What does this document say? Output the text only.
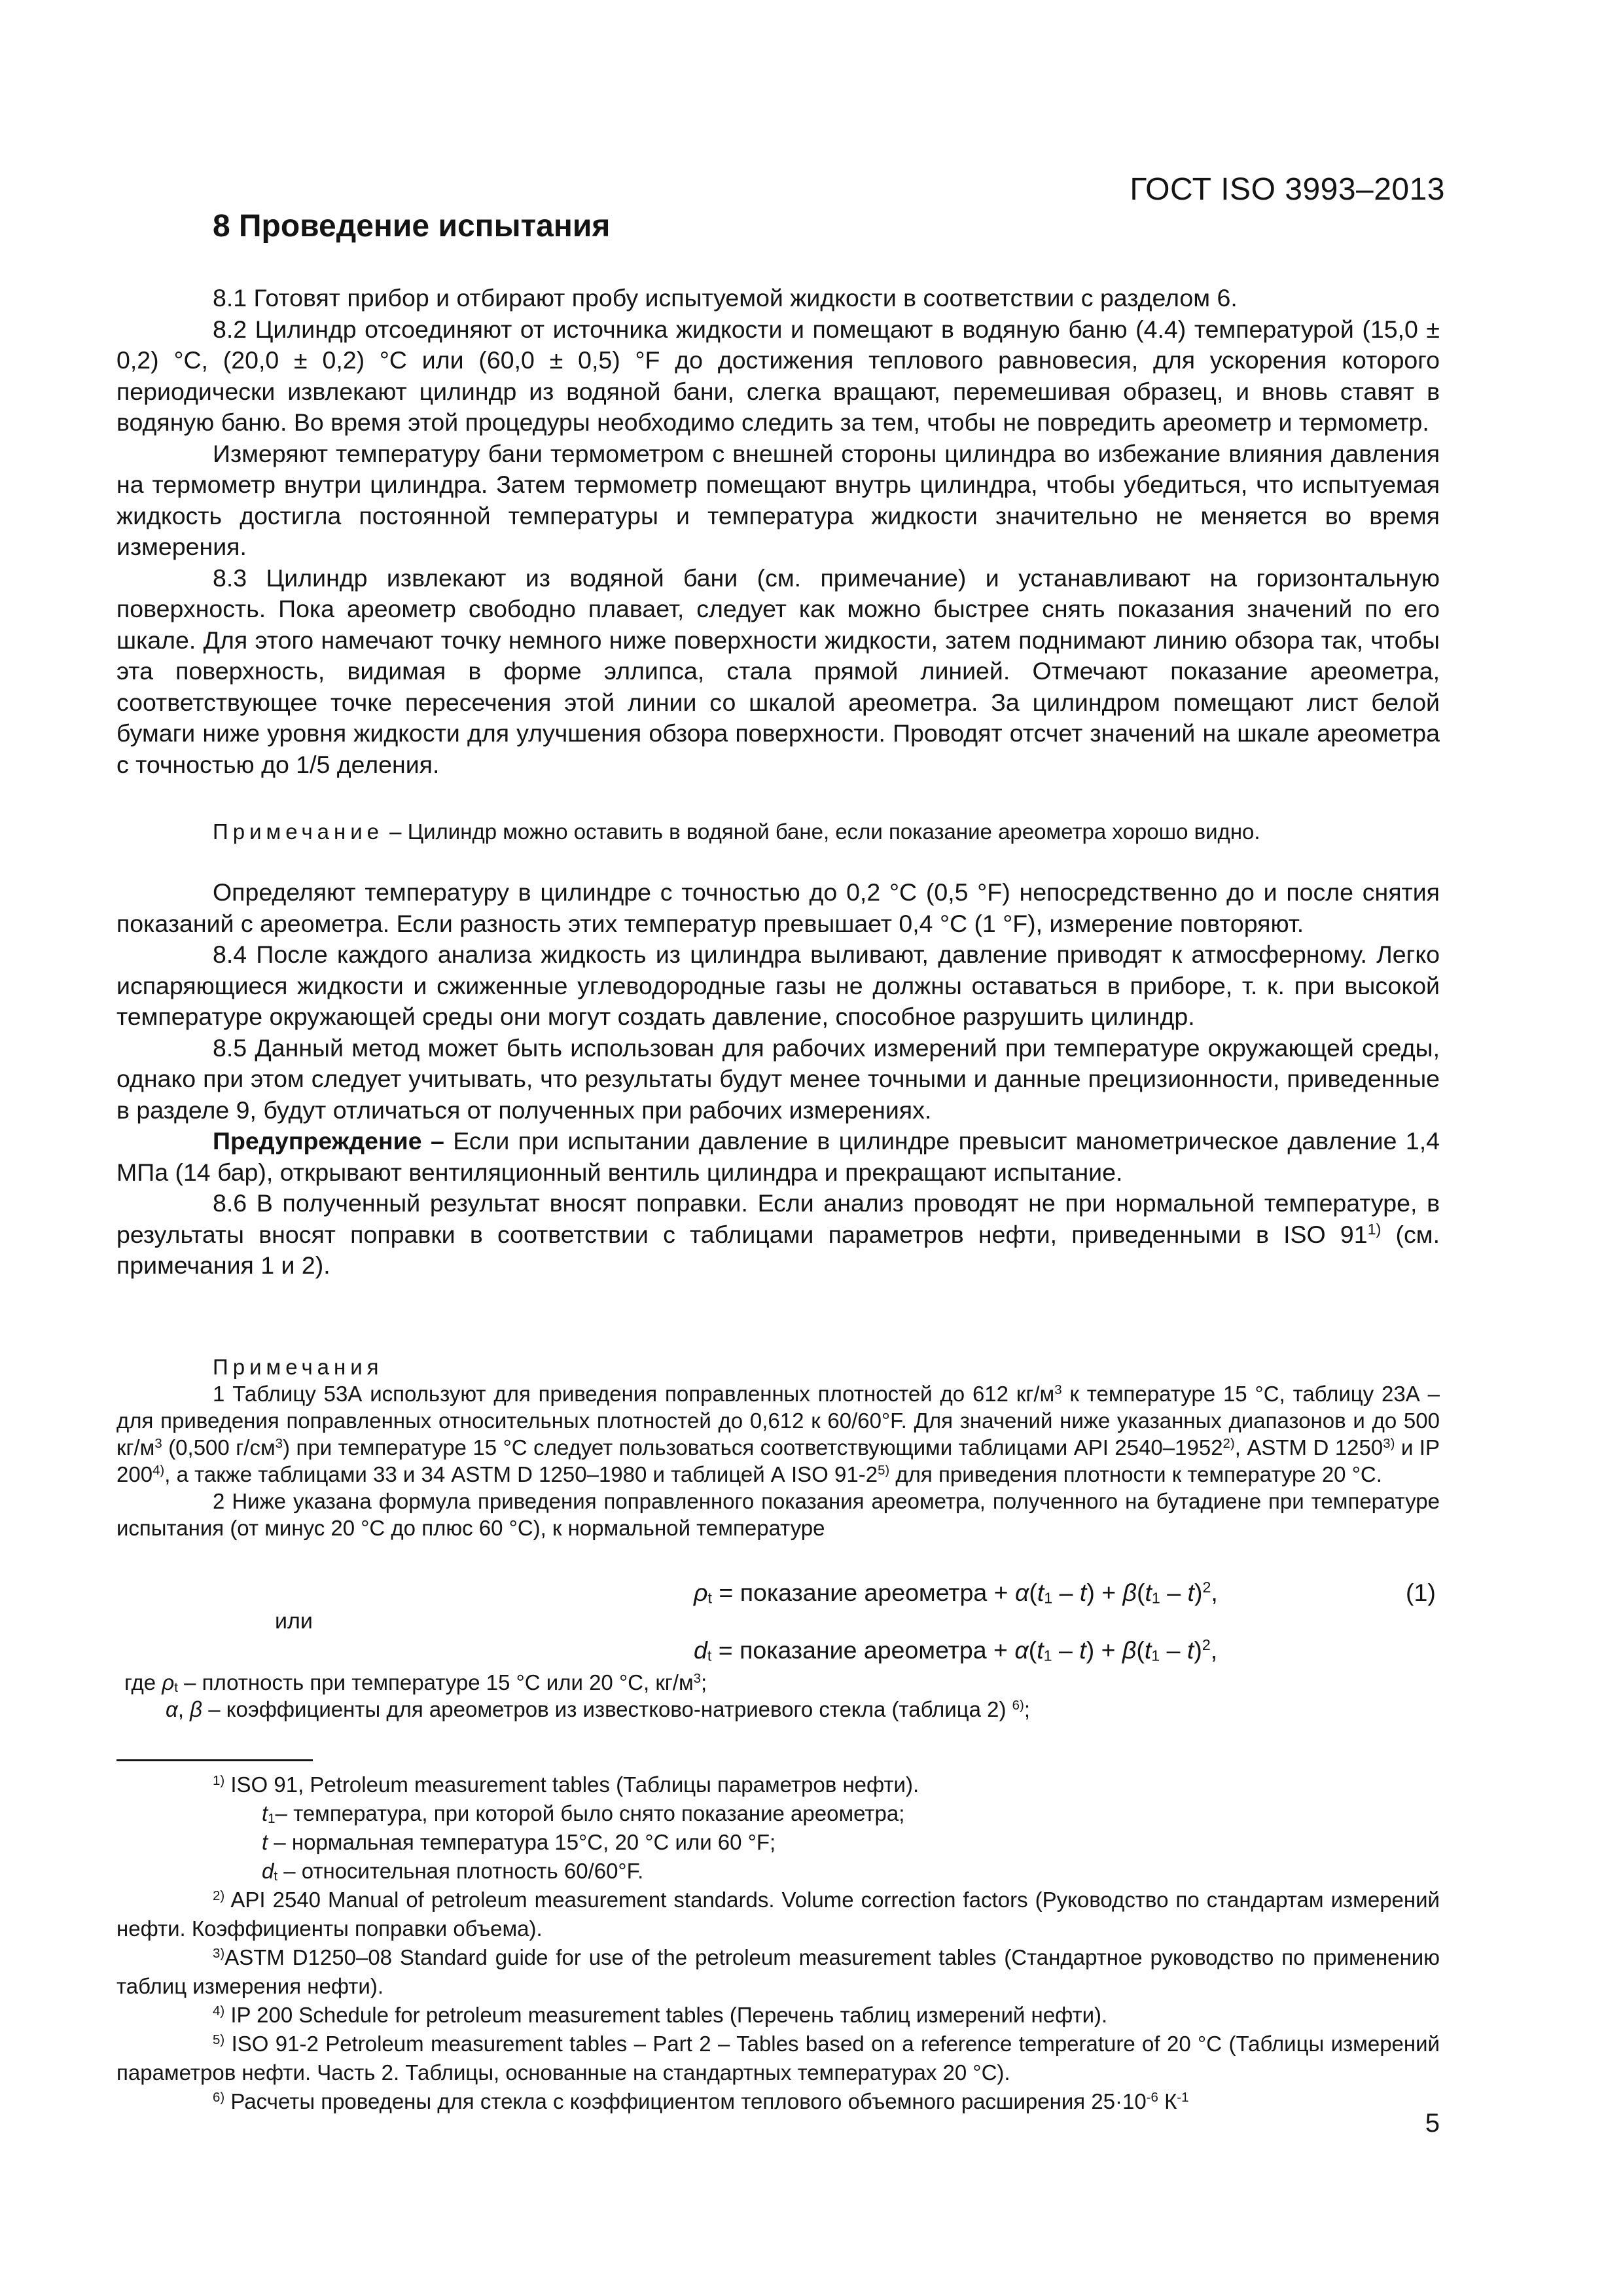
ГОСТ ISO 3993–2013
8 Проведение испытания

8.1 Готовят прибор и отбирают пробу испытуемой жидкости в соответствии с разделом 6.

8.2 Цилиндр отсоединяют от источника жидкости и помещают в водяную баню (4.4) температурой (15,0 ± 0,2) °С, (20,0 ± 0,2) °С или (60,0 ± 0,5) °F до достижения теплового равновесия, для ускорения которого периодически извлекают цилиндр из водяной бани, слегка вращают, перемешивая образец, и вновь ставят в водяную баню. Во время этой процедуры необходимо следить за тем, чтобы не повредить ареометр и термометр.

Измеряют температуру бани термометром с внешней стороны цилиндра во избежание влияния давления на термометр внутри цилиндра. Затем термометр помещают внутрь цилиндра, чтобы убедиться, что испытуемая жидкость достигла постоянной температуры и температура жидкости значительно не меняется во время измерения.

8.3 Цилиндр извлекают из водяной бани (см. примечание) и устанавливают на горизонтальную поверхность. Пока ареометр свободно плавает, следует как можно быстрее снять показания значений по его шкале. Для этого намечают точку немного ниже поверхности жидкости, затем поднимают линию обзора так, чтобы эта поверхность, видимая в форме эллипса, стала прямой линией. Отмечают показание ареометра, соответствующее точке пересечения этой линии со шкалой ареометра. За цилиндром помещают лист белой бумаги ниже уровня жидкости для улучшения обзора поверхности. Проводят отсчет значений на шкале ареометра с точностью до 1/5 деления.

Примечание – Цилиндр можно оставить в водяной бане, если показание ареометра хорошо видно.

Определяют температуру в цилиндре с точностью до 0,2 °С (0,5 °F) непосредственно до и после снятия показаний с ареометра. Если разность этих температур превышает 0,4 °С (1 °F), измерение повторяют.

8.4 После каждого анализа жидкость из цилиндра выливают, давление приводят к атмосферному. Легко испаряющиеся жидкости и сжиженные углеводородные газы не должны оставаться в приборе, т. к. при высокой температуре окружающей среды они могут создать давление, способное разрушить цилиндр.

8.5 Данный метод может быть использован для рабочих измерений при температуре окружающей среды, однако при этом следует учитывать, что результаты будут менее точными и данные прецизионности, приведенные в разделе 9, будут отличаться от полученных при рабочих измерениях.

Предупреждение – Если при испытании давление в цилиндре превысит манометрическое давление 1,4 МПа (14 бар), открывают вентиляционный вентиль цилиндра и прекращают испытание.

8.6 В полученный результат вносят поправки. Если анализ проводят не при нормальной температуре, в результаты вносят поправки в соответствии с таблицами параметров нефти, приведенными в ISO 91$^{1)}$ (см. примечания 1 и 2).

Примечания

1 Таблицу 53А используют для приведения поправленных плотностей до 612 $кг/м^3$ к температуре 15 °С, таблицу 23А – для приведения поправленных относительных плотностей до 0,612 к 60/60°F. Для значений ниже указанных диапазонов и до 500 $кг/м^3$ (0,500 $г/см^3$) при температуре 15 °С следует пользоваться соответствующими таблицами API 2540–1952$^{2)}$, ASTM D 1250$^{3)}$ и IP 200$^{4)}$, а также таблицами 33 и 34 ASTM D 1250–1980 и таблицей А ISO 91-2$^{5)}$ для приведения плотности к температуре 20 °С.

2 Ниже указана формула приведения поправленного показания ареометра, полученного на бутадиене при температуре испытания (от минус 20 °С до плюс 60 °С), к нормальной температуре

$\rho_t$ = показание ареометра + $\alpha(t_1 - t) + \beta(t_1 - t)^2$,	(1)
или
$d_t$ = показание ареометра + $\alpha(t_1 - t) + \beta(t_1 - t)^2$,

где $\rho_t$ – плотность при температуре 15 °С или 20 °С, $кг/м^3$;

α, β – коэффициенты для ареометров из известково-натриевого стекла (таблица 2) $^{6)}$;

$^{1)}$ ISO 91, Petroleum measurement tables (Таблицы параметров нефти).

$t_1-$ температура, при которой было снято показание ареометра;

t – нормальная температура 15°С, 20 °С или 60 °F;

$d_t$ – относительная плотность 60/60°F.

$^{2)}$ API 2540 Manual of petroleum measurement standards. Volume correction factors (Руководство по стандартам измерений нефти. Коэффициенты поправки объема).

$^{3)}$ASTM D1250–08 Standard guide for use of the petroleum measurement tables (Стандартное руководство по применению таблиц измерения нефти).

$^{4)}$ IP 200 Schedule for petroleum measurement tables (Перечень таблиц измерений нефти).

$^{5)}$ ISO 91-2 Petroleum measurement tables – Part 2 – Tables based on a reference temperature of 20 °С (Таблицы измерений параметров нефти. Часть 2. Таблицы, основанные на стандартных температурах 20 °С).

$^{6)}$ Расчеты проведены для стекла с коэффициентом теплового объемного расширения $25\cdot 10^{-6}$ $К^{-1}$

5
